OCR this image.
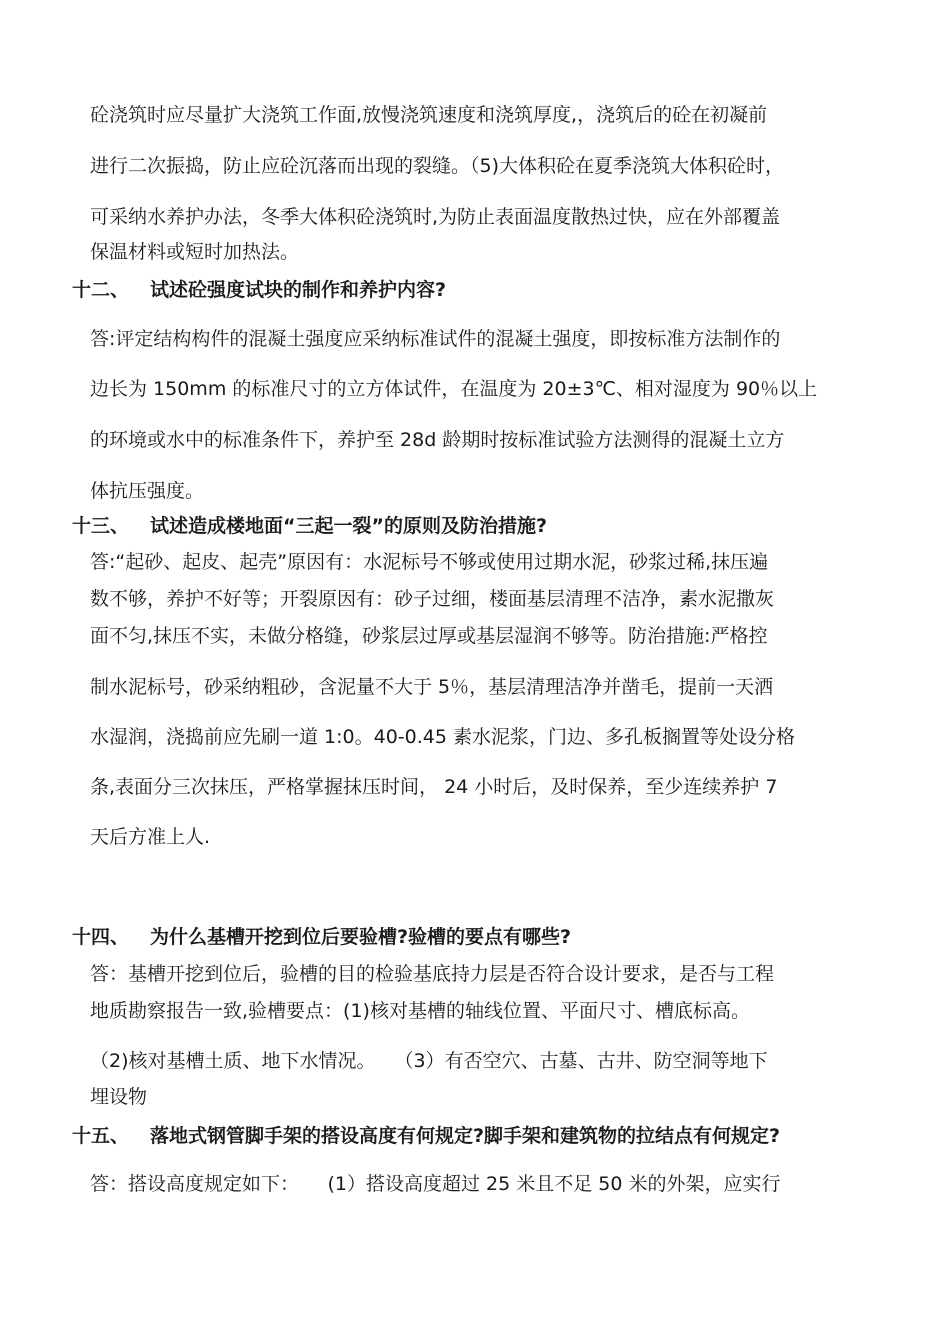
砼浇筑时应尽量扩大浇筑工作面,放慢浇筑速度和浇筑厚度,，浇筑后的砼在初凝前
进行二次振捣，防止应砼沉落而出现的裂缝。（5)大体积砼在夏季浇筑大体积砼时，
可采纳水养护办法，冬季大体积砼浇筑时,为防止表面温度散热过快，应在外部覆盖
保温材料或短时加热法。
十二、 试述砼强度试块的制作和养护内容?
答:评定结构构件的混凝土强度应采纳标准试件的混凝土强度，即按标准方法制作的
边长为 150mm 的标准尺寸的立方体试件，在温度为 20±3℃、相对湿度为 90％以上
的环境或水中的标准条件下，养护至 28d 龄期时按标准试验方法测得的混凝土立方
体抗压强度。
十三、 试述造成楼地面“三起一裂”的原则及防治措施?
答:“起砂、起皮、起壳”原因有：水泥标号不够或使用过期水泥，砂浆过稀,抹压遍
数不够，养护不好等；开裂原因有：砂子过细，楼面基层清理不洁净，素水泥撒灰
面不匀,抹压不实，未做分格缝，砂浆层过厚或基层湿润不够等。防治措施:严格控
制水泥标号，砂采纳粗砂，含泥量不大于 5％，基层清理洁净并凿毛，提前一天洒
水湿润，浇捣前应先刷一道 1:0。40-0.45 素水泥浆，门边、多孔板搁置等处设分格
条,表面分三次抹压，严格掌握抹压时间， 24 小时后，及时保养，至少连续养护 7
天后方准上人.
十四、 为什么基槽开挖到位后要验槽?验槽的要点有哪些?
答：基槽开挖到位后，验槽的目的检验基底持力层是否符合设计要求，是否与工程
地质勘察报告一致,验槽要点：(1)核对基槽的轴线位置、平面尺寸、槽底标高。
（2)核对基槽土质、地下水情况。　　（3）有否空穴、古墓、古井、防空洞等地下
埋设物
十五、 落地式钢管脚手架的搭设高度有何规定?脚手架和建筑物的拉结点有何规定?
答：搭设高度规定如下：　　(1）搭设高度超过 25 米且不足 50 米的外架，应实行
